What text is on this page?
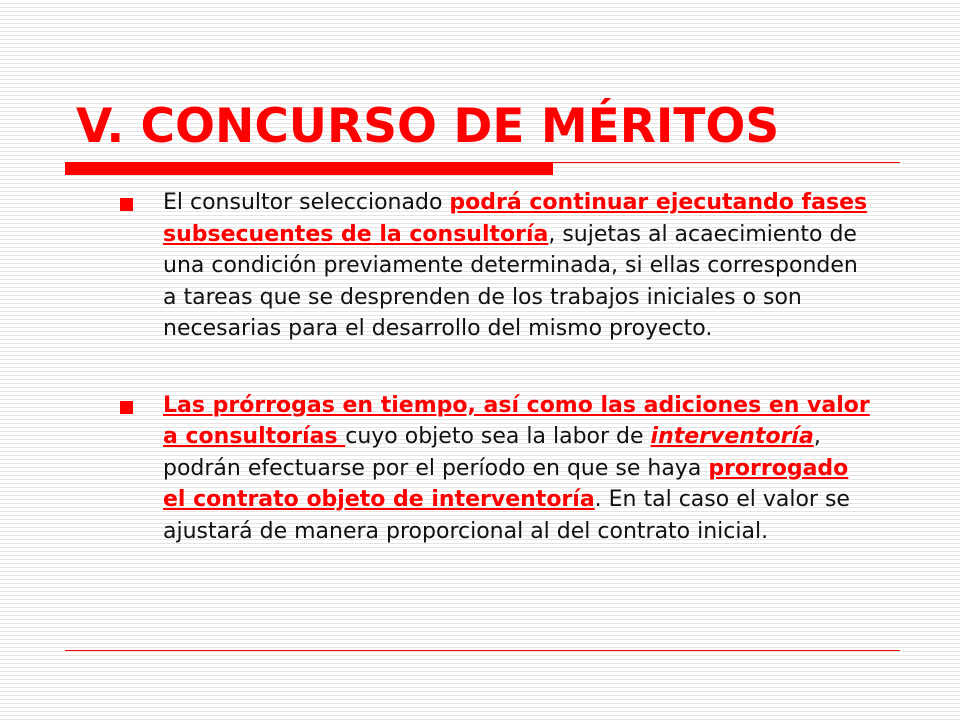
V. CONCURSO DE MÉRITOS
El consultor seleccionado podrá continuar ejecutando fases subsecuentes de la consultoría, sujetas al acaecimiento de una condición previamente determinada, si ellas corresponden a tareas que se desprenden de los trabajos iniciales o son necesarias para el desarrollo del mismo proyecto.
Las prórrogas en tiempo, así como las adiciones en valor a consultorías cuyo objeto sea la labor de interventoría, podrán efectuarse por el período en que se haya prorrogado el contrato objeto de interventoría. En tal caso el valor se ajustará de manera proporcional al del contrato inicial.
